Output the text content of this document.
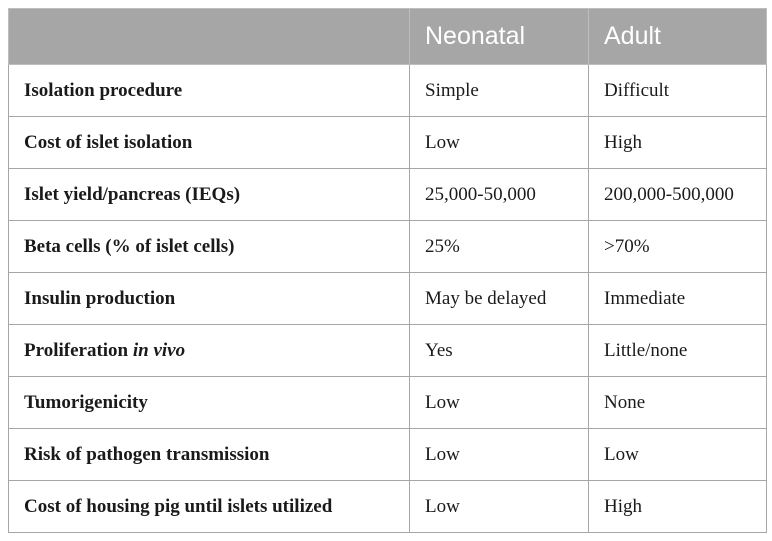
	Neonatal	Adult
Isolation procedure	Simple	Difficult
Cost of islet isolation	Low	High
Islet yield/pancreas (IEQs)	25,000-50,000	200,000-500,000
Beta cells (% of islet cells)	25%	>70%
Insulin production	May be delayed	Immediate
Proliferation in vivo	Yes	Little/none
Tumorigenicity	Low	None
Risk of pathogen transmission	Low	Low
Cost of housing pig until islets utilized	Low	High
